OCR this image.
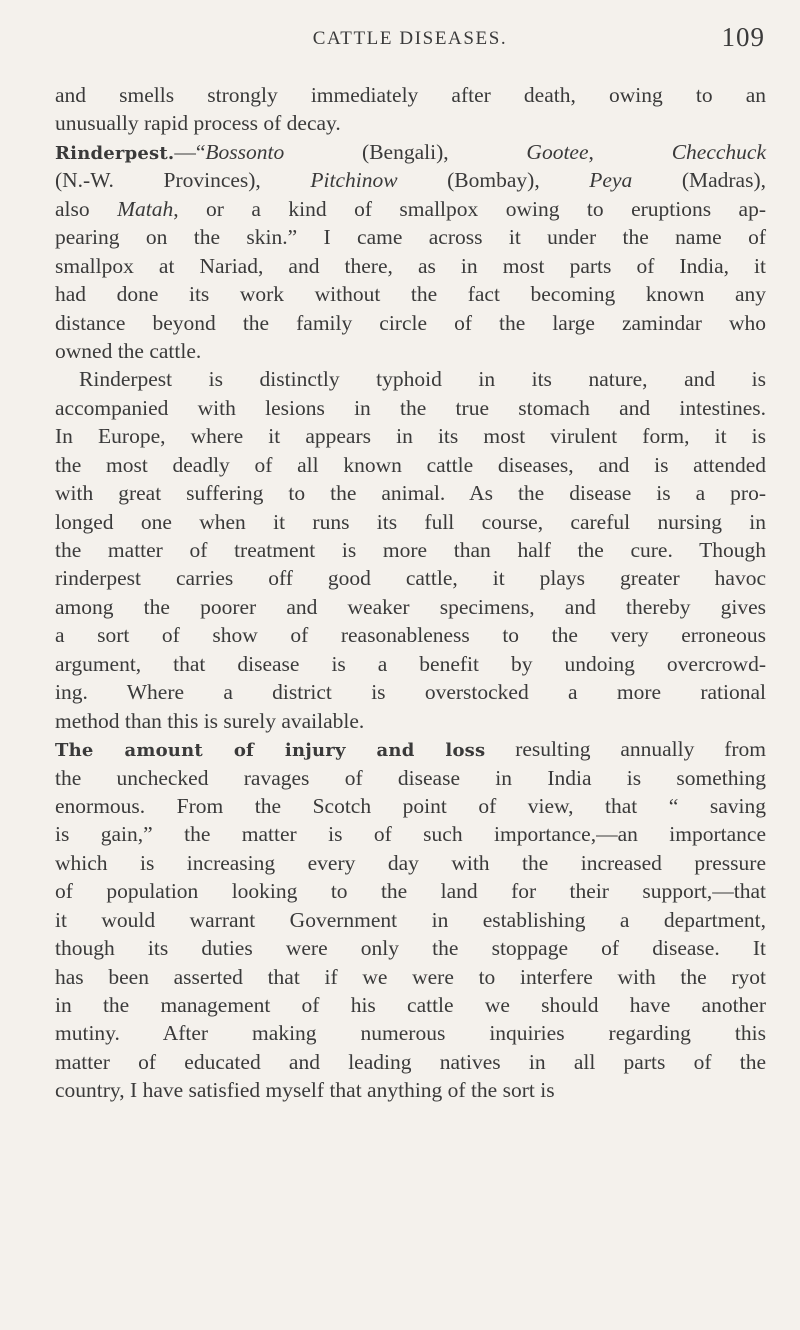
CATTLE DISEASES.	109
and smells strongly immediately after death, owing to an
unusually rapid process of decay.
Rinderpest.—“Bossonto (Bengali), Gootee, Checchuck
(N.-W. Provinces), Pitchinow (Bombay), Peya (Madras),
also Matah, or a kind of smallpox owing to eruptions ap-
pearing on the skin.” I came across it under the name of
smallpox at Nariad, and there, as in most parts of India, it
had done its work without the fact becoming known any
distance beyond the family circle of the large zamindar who
owned the cattle.
Rinderpest is distinctly typhoid in its nature, and is
accompanied with lesions in the true stomach and intestines.
In Europe, where it appears in its most virulent form, it is
the most deadly of all known cattle diseases, and is attended
with great suffering to the animal. As the disease is a pro-
longed one when it runs its full course, careful nursing in
the matter of treatment is more than half the cure. Though
rinderpest carries off good cattle, it plays greater havoc
among the poorer and weaker specimens, and thereby gives
a sort of show of reasonableness to the very erroneous
argument, that disease is a benefit by undoing overcrowd-
ing. Where a district is overstocked a more rational
method than this is surely available.
The amount of injury and loss resulting annually from
the unchecked ravages of disease in India is something
enormous. From the Scotch point of view, that “ saving
is gain,” the matter is of such importance,—an importance
which is increasing every day with the increased pressure
of population looking to the land for their support,—that
it would warrant Government in establishing a department,
though its duties were only the stoppage of disease. It
has been asserted that if we were to interfere with the ryot
in the management of his cattle we should have another
mutiny. After making numerous inquiries regarding this
matter of educated and leading natives in all parts of the
country, I have satisfied myself that anything of the sort is
